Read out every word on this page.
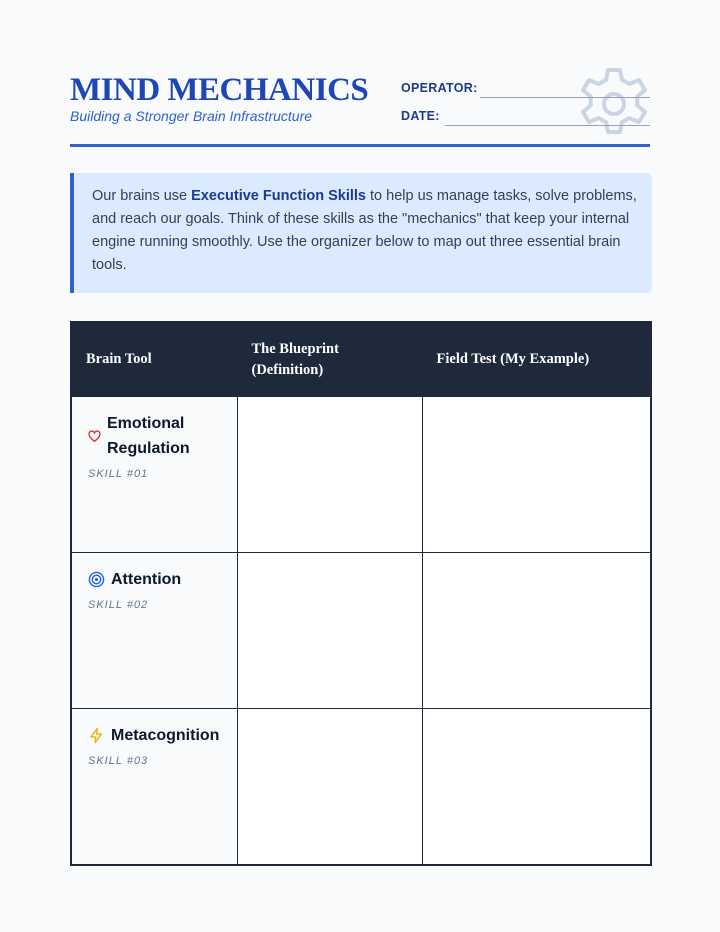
MIND MECHANICS
Building a Stronger Brain Infrastructure
OPERATOR:
DATE:
Our brains use Executive Function Skills to help us manage tasks, solve problems, and reach our goals. Think of these skills as the "mechanics" that keep your internal engine running smoothly. Use the organizer below to map out three essential brain tools.
Brain Tool	The Blueprint (Definition)	Field Test (My Example)

Emotional Regulation
SKILL #01		

Attention
SKILL #02		

Metacognition
SKILL #03		
